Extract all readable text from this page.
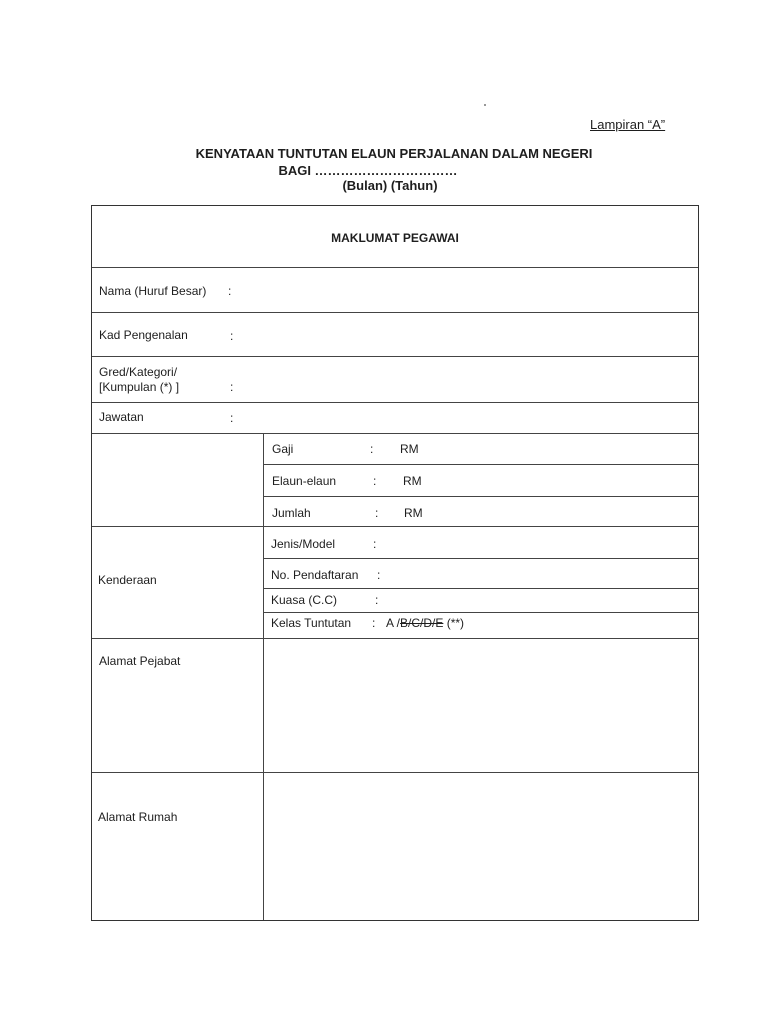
Lampiran “A”
KENYATAAN TUNTUTAN ELAUN PERJALANAN DALAM NEGERI
BAGI ……………………………
(Bulan) (Tahun)
MAKLUMAT PEGAWAI
Nama (Huruf Besar) :
Kad Pengenalan	:
Gred/Kategori/
[Kumpulan (*) ]	:
Jawatan	:
Gaji	: RM
Elaun-elaun	: RM
Jumlah	: RM
Kenderaan
Jenis/Model	:
No. Pendaftaran :
Kuasa (C.C)	:
Kelas Tuntutan : A /B/C/D/E (**)
Alamat Pejabat
Alamat Rumah
